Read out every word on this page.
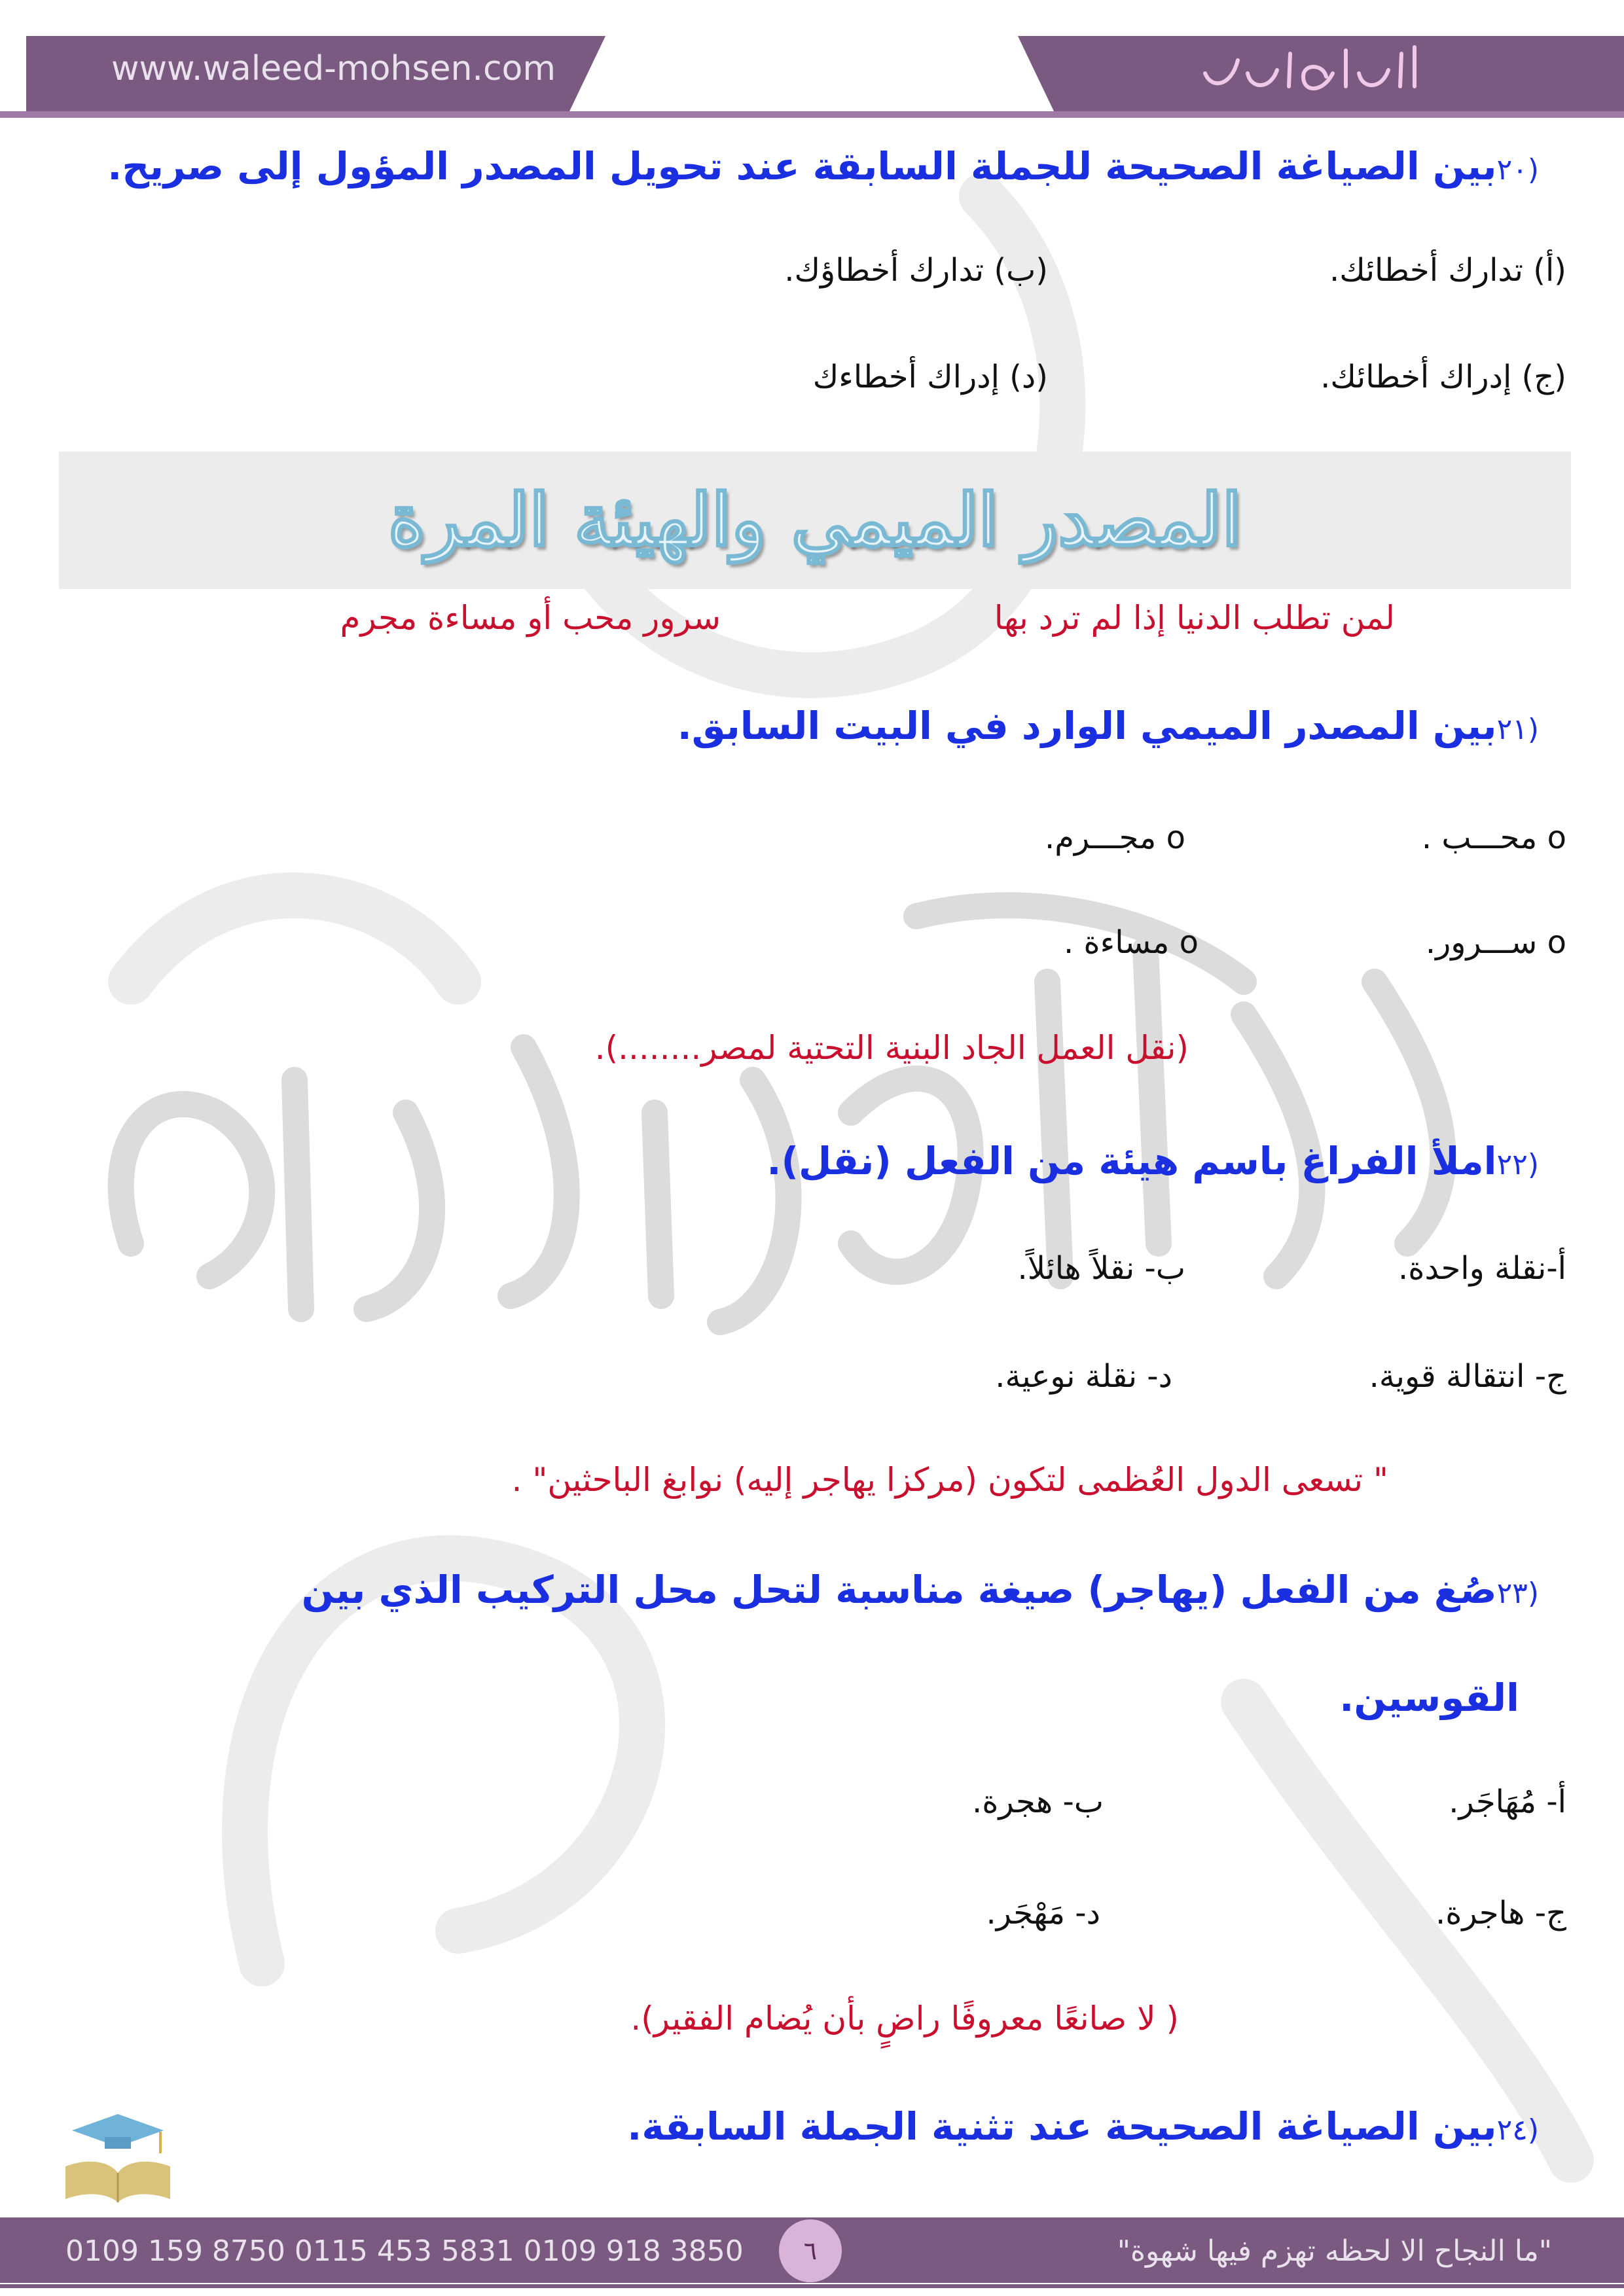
www.waleed-mohsen.com
(٢٠بين الصياغة الصحيحة للجملة السابقة عند تحويل المصدر المؤول إلى صريح.
(أ) تدارك أخطائك.
(ب) تدارك أخطاؤك.
(ج) إدراك أخطائك.
(د) إدراك أخطاءك
المصدر الميمي والهيئة المرة
لمن تطلب الدنيا إذا لم ترد بها
سرور محب أو مساءة مجرم
(٢١بين المصدر الميمي الوارد في البيت السابق.
o محـــب .
o مجـــرم.
o ســـرور.
o مساءة .
(نقل العمل الجاد البنية التحتية لمصر........).
(٢٢املأ الفراغ باسم هيئة من الفعل (نقل).
أ-نقلة واحدة.
ب- نقلاً هائلاً.
ج- انتقالة قوية.
د- نقلة نوعية.
" تسعى الدول العُظمى لتكون (مركزا يهاجر إليه) نوابغ الباحثين" .
(٢٣صُغ من الفعل (يهاجر) صيغة مناسبة لتحل محل التركيب الذي بين
القوسين.
أ- مُهَاجَر.
ب- هجرة.
ج- هاجرة.
د- مَهْجَر.
( لا صانعًا معروفًا راضٍ بأن يُضام الفقير).
(٢٤بين الصياغة الصحيحة عند تثنية الجملة السابقة.
0109 159 8750 0115 453 5831 0109 918 3850	٦	"ما النجاح الا لحظه تهزم فيها شهوة"
